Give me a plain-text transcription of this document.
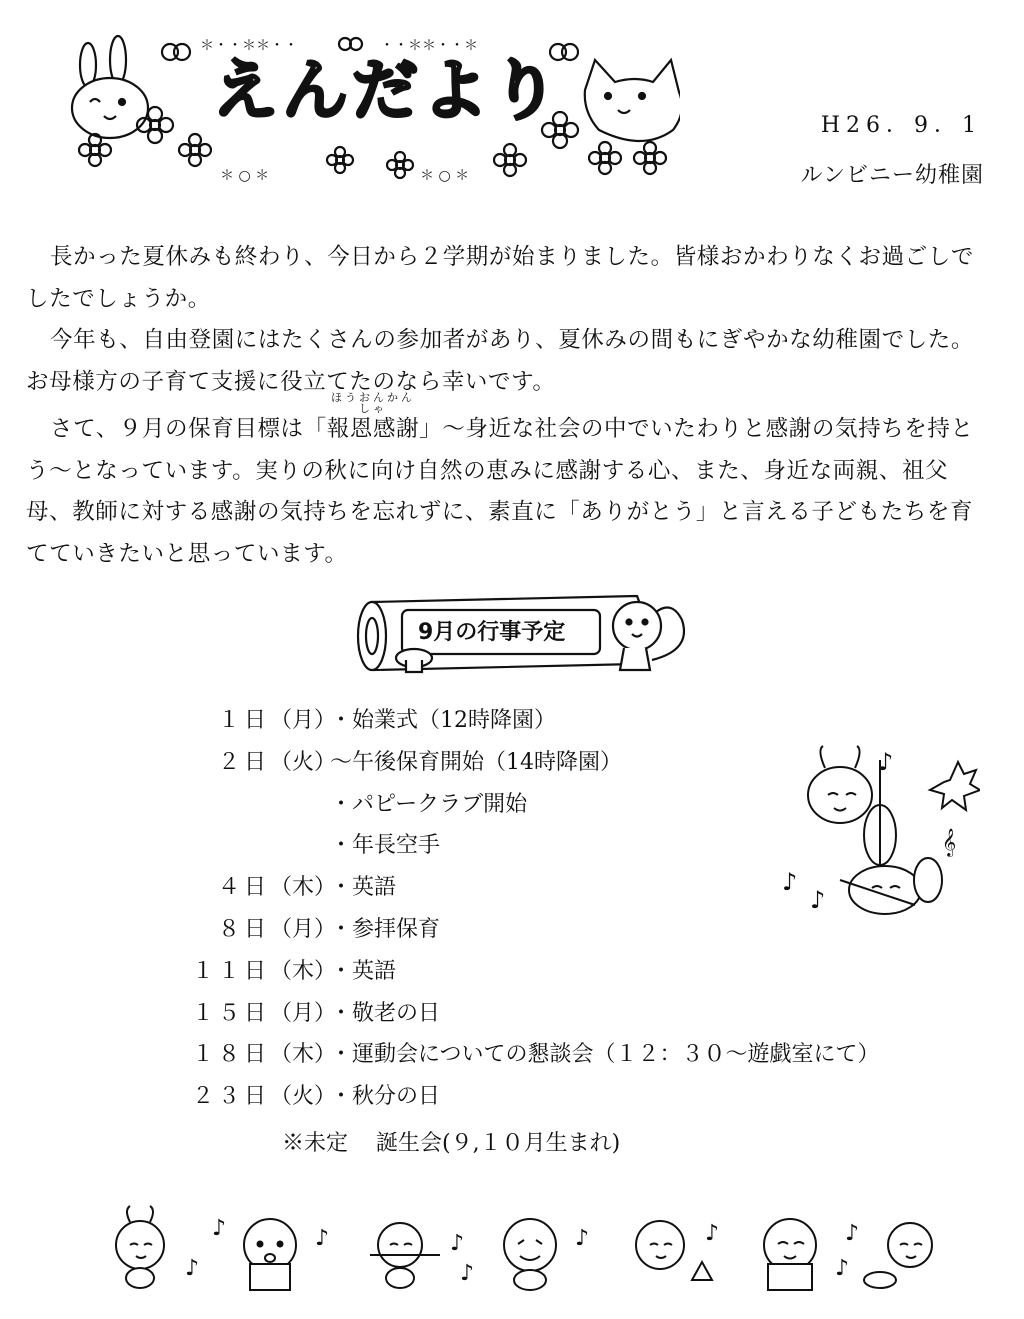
＊・・＊＊・・	・・＊＊・・＊
＊ ○ ＊	＊ ○ ＊
えんだより	H26．9．1
ルンビニー幼稚園

長かった夏休みも終わり、今日から２学期が始まりました。皆様おかわりなくお過ごしでしたでしょうか。

今年も、自由登園にはたくさんの参加者があり、夏休みの間もにぎやかな幼稚園でした。お母様方の子育て支援に役立てたのなら幸いです。

さて、９月の保育目標は「
ほうおんかんしゃ
報恩感謝」～身近な社会の中でいたわりと感謝の気持ちを持とう～となっています。実りの秋に向け自然の恵みに感謝する心、また、身近な両親、祖父母、教師に対する感謝の気持ちを忘れずに、素直に「ありがとう」と言える子どもたちを育てていきたいと思っています。

9月の行事予定
１日（月）・始業式（12時降園）
２日（火）～午後保育開始（14時降園）
・パピークラブ開始
・年長空手
４日（木）・英語
８日（月）・参拝保育
１１日（木）・英語
１５日（月）・敬老の日
１８日（木）・運動会についての懇談会（１２：３０～遊戯室にて）
２３日（火）・秋分の日
※未定 誕生会(９,１０月生まれ)
♪
♪
♪
𝄞
♪
♪	♪	♪
♪
♪	♪
♪
♪
